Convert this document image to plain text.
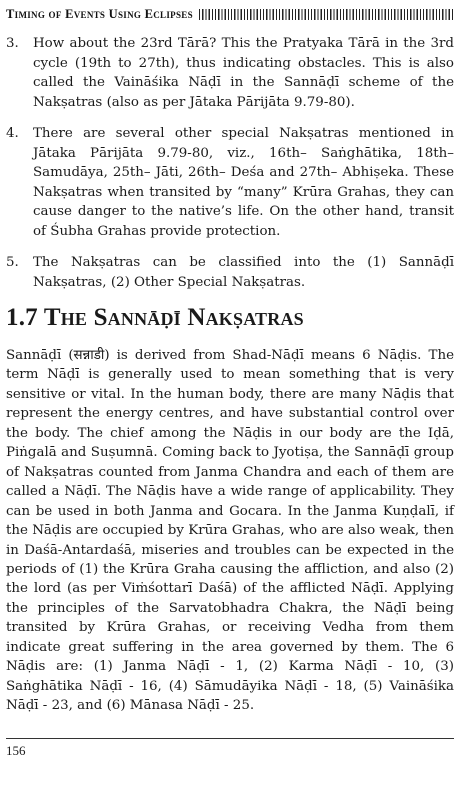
Timing of Events Using Eclipses
3.	How about the 23rd Tārā? This the Pratyaka Tārā in the 3rd cycle (19th to 27th), thus indicating obstacles. This is also called the Vaināśika Nāḍī in the Sannāḍī scheme of the Nakṣatras (also as per Jātaka Pārijāta 9.79-80).
4.	There are several other special Nakṣatras mentioned in Jātaka Pārijāta 9.79-80, viz., 16th– Saṅghātika, 18th– Samudāya, 25th– Jāti, 26th– Deśa and 27th– Abhiṣeka. These Nakṣatras when transited by “many” Krūra Grahas, they can cause danger to the native’s life. On the other hand, transit of Śubha Grahas provide protection.
5.	The Nakṣatras can be classified into the (1) Sannāḍī Nakṣatras, (2) Other Special Nakṣatras.
1.7 The Sannāḍī Nakṣatras
Sannāḍī (सन्नाडी) is derived from Shad-Nāḍī means 6 Nāḍis. The term Nāḍī is generally used to mean something that is very sensitive or vital. In the human body, there are many Nāḍis that represent the energy centres, and have substantial control over the body. The chief among the Nāḍis in our body are the Iḍā, Piṅgalā and Suṣumnā. Coming back to Jyotiṣa, the Sannāḍī group of Nakṣatras counted from Janma Chandra and each of them are called a Nāḍī. The Nāḍis have a wide range of applicability. They can be used in both Janma and Gocara. In the Janma Kuṇḍalī, if the Nāḍis are occupied by Krūra Grahas, who are also weak, then in Daśā-Antardaśā, miseries and troubles can be expected in the periods of (1) the Krūra Graha causing the affliction, and also (2) the lord (as per Viṁśottarī Daśā) of the afflicted Nāḍī. Applying the principles of the Sarvatobhadra Chakra, the Nāḍī being transited by Krūra Grahas, or receiving Vedha from them indicate great suffering in the area governed by them. The 6 Nāḍis are: (1) Janma Nāḍī - 1, (2) Karma Nāḍī - 10, (3) Saṅghātika Nāḍī - 16, (4) Sāmudāyika Nāḍī - 18, (5) Vaināśika Nāḍī - 23, and (6) Mānasa Nāḍī - 25.
156
